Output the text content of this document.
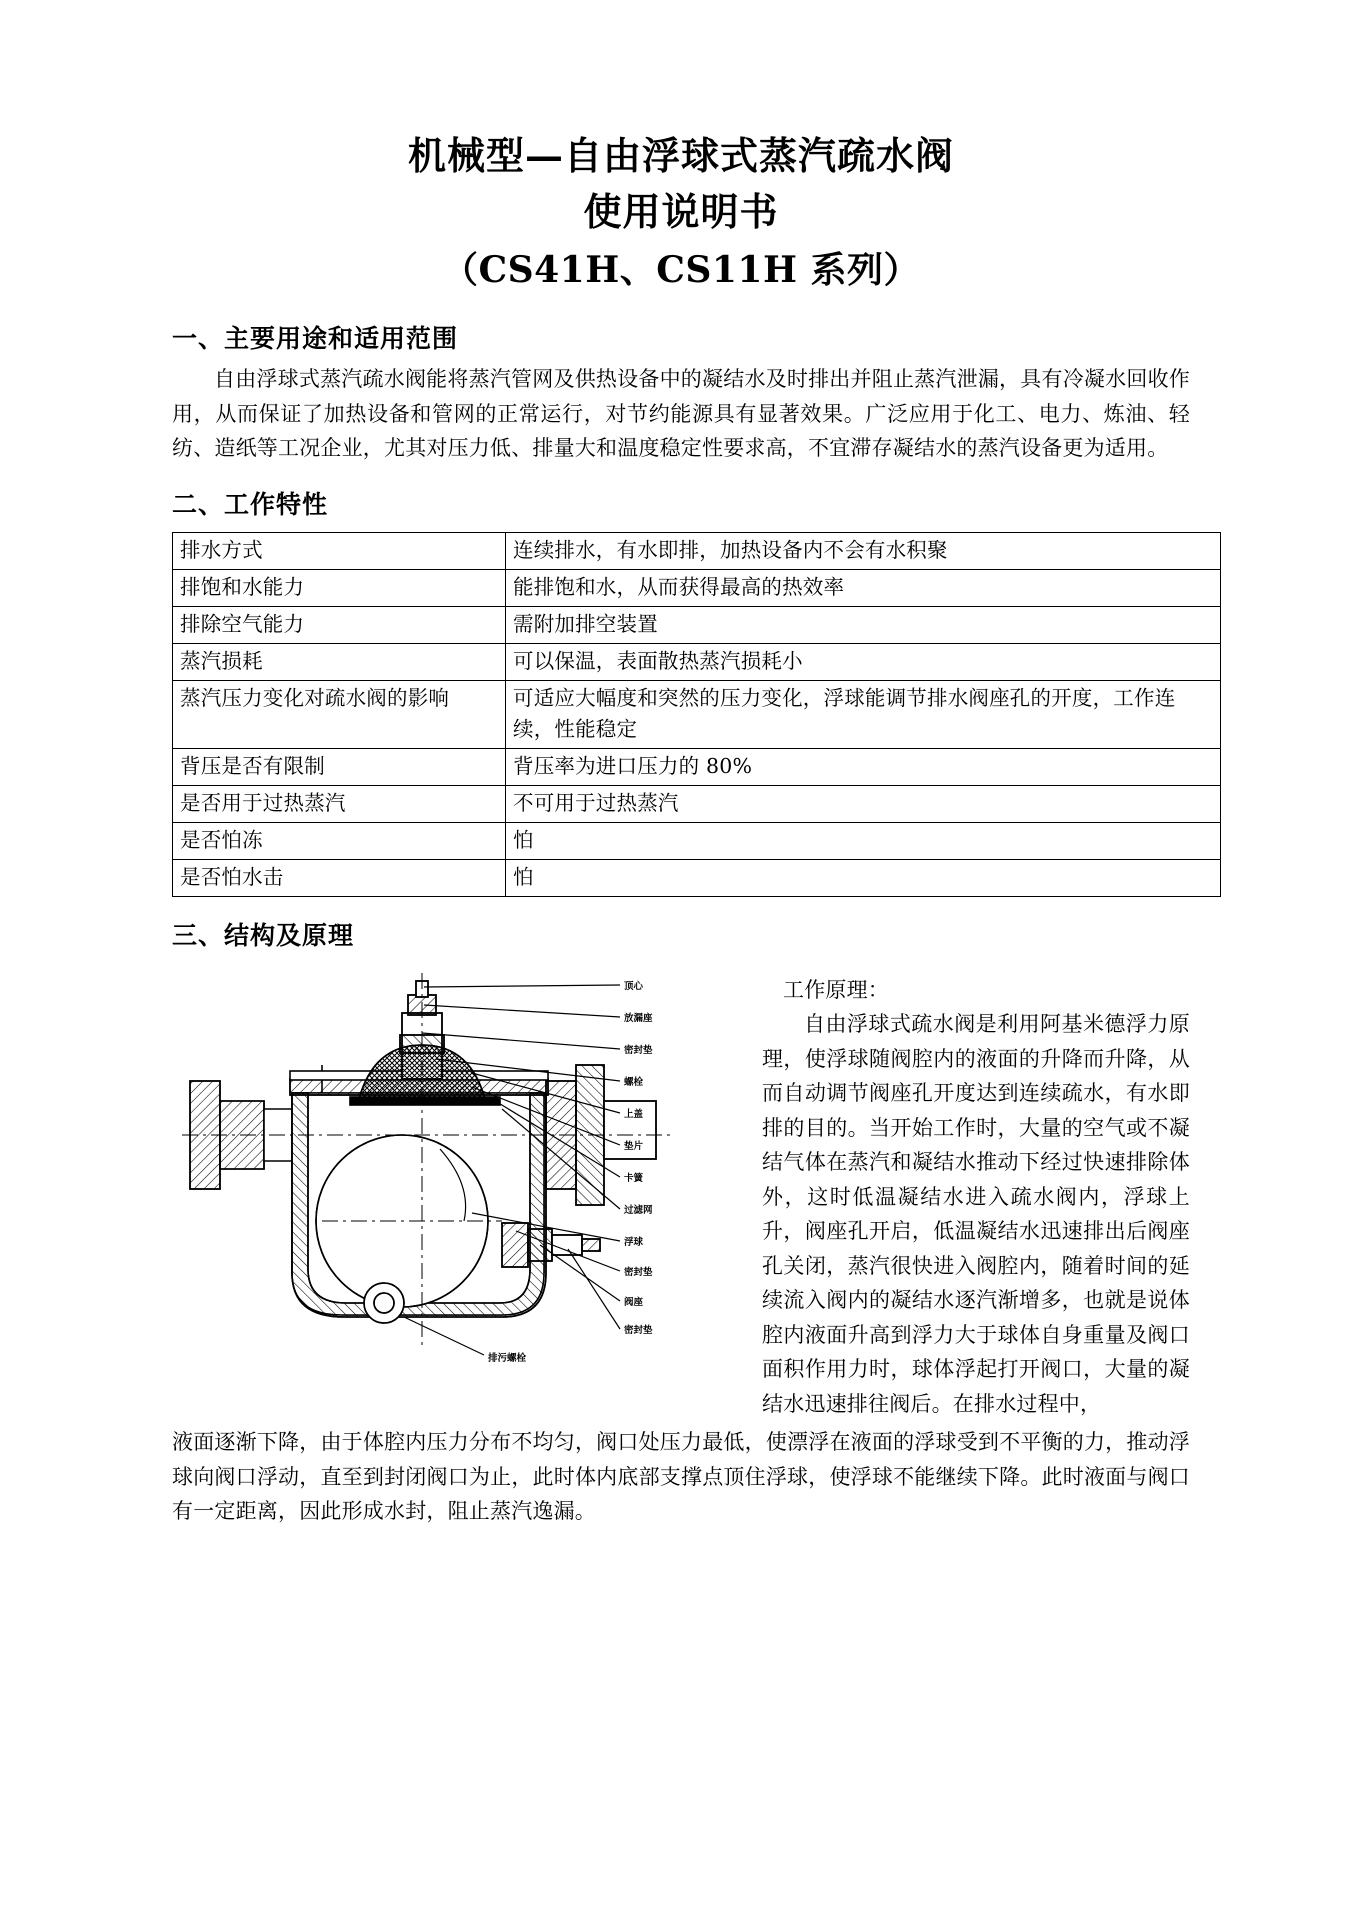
机械型—自由浮球式蒸汽疏水阀
使用说明书
（CS41H、CS11H 系列）
一、主要用途和适用范围

自由浮球式蒸汽疏水阀能将蒸汽管网及供热设备中的凝结水及时排出并阻止蒸汽泄漏，具有冷凝水回收作用，从而保证了加热设备和管网的正常运行，对节约能源具有显著效果。广泛应用于化工、电力、炼油、轻纺、造纸等工况企业，尤其对压力低、排量大和温度稳定性要求高，不宜滞存凝结水的蒸汽设备更为适用。

二、工作特性
排水方式	连续排水，有水即排，加热设备内不会有水积聚
排饱和水能力	能排饱和水，从而获得最高的热效率
排除空气能力	需附加排空装置
蒸汽损耗	可以保温，表面散热蒸汽损耗小
蒸汽压力变化对疏水阀的影响	可适应大幅度和突然的压力变化，浮球能调节排水阀座孔的开度，工作连续，性能稳定
背压是否有限制	背压率为进口压力的 80%
是否用于过热蒸汽	不可用于过热蒸汽
是否怕冻	怕
是否怕水击	怕
三、结构及原理
顶心
放漏座
密封垫
螺栓
上盖
垫片
卡簧
过滤网
浮球
密封垫
阀座
密封垫
排污螺栓
工作原理：

自由浮球式疏水阀是利用阿基米德浮力原理，使浮球随阀腔内的液面的升降而升降，从而自动调节阀座孔开度达到连续疏水，有水即排的目的。当开始工作时，大量的空气或不凝结气体在蒸汽和凝结水推动下经过快速排除体外，这时低温凝结水进入疏水阀内，浮球上升，阀座孔开启，低温凝结水迅速排出后阀座孔关闭，蒸汽很快进入阀腔内，随着时间的延续流入阀内的凝结水逐汽渐增多，也就是说体腔内液面升高到浮力大于球体自身重量及阀口面积作用力时，球体浮起打开阀口，大量的凝结水迅速排往阀后。在排水过程中，

液面逐渐下降，由于体腔内压力分布不均匀，阀口处压力最低，使漂浮在液面的浮球受到不平衡的力，推动浮球向阀口浮动，直至到封闭阀口为止，此时体内底部支撑点顶住浮球，使浮球不能继续下降。此时液面与阀口有一定距离，因此形成水封，阻止蒸汽逸漏。
